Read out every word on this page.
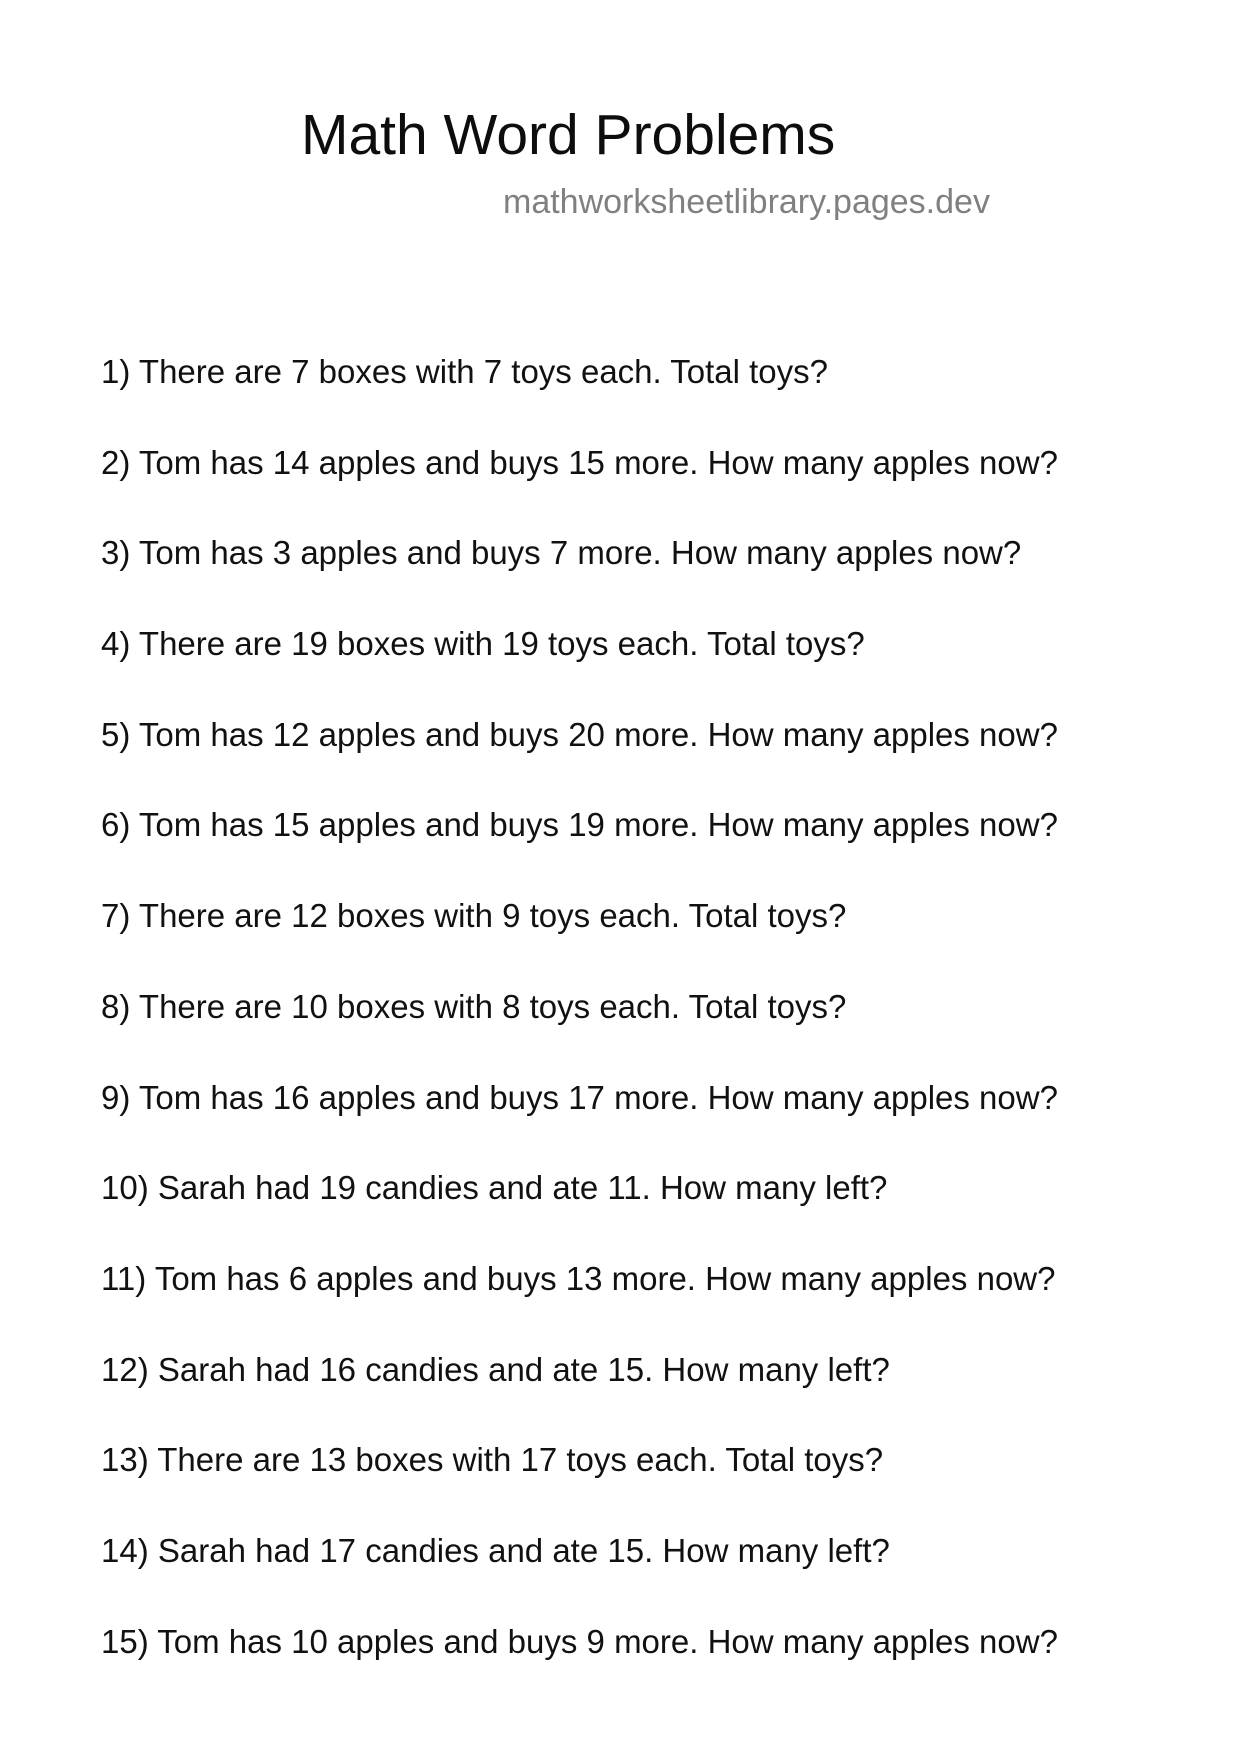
Math Word Problems
mathworksheetlibrary.pages.dev
1) There are 7 boxes with 7 toys each. Total toys?
2) Tom has 14 apples and buys 15 more. How many apples now?
3) Tom has 3 apples and buys 7 more. How many apples now?
4) There are 19 boxes with 19 toys each. Total toys?
5) Tom has 12 apples and buys 20 more. How many apples now?
6) Tom has 15 apples and buys 19 more. How many apples now?
7) There are 12 boxes with 9 toys each. Total toys?
8) There are 10 boxes with 8 toys each. Total toys?
9) Tom has 16 apples and buys 17 more. How many apples now?
10) Sarah had 19 candies and ate 11. How many left?
11) Tom has 6 apples and buys 13 more. How many apples now?
12) Sarah had 16 candies and ate 15. How many left?
13) There are 13 boxes with 17 toys each. Total toys?
14) Sarah had 17 candies and ate 15. How many left?
15) Tom has 10 apples and buys 9 more. How many apples now?
